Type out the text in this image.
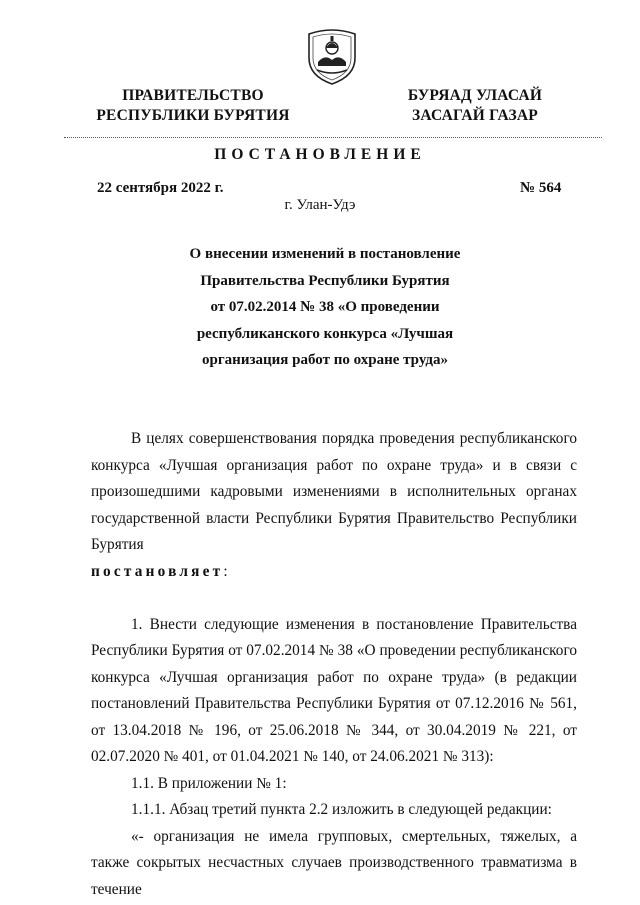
ПРАВИТЕЛЬСТВО
РЕСПУБЛИКИ БУРЯТИЯ
БУРЯАД УЛАСАЙ
ЗАСАГАЙ ГАЗАР
ПОСТАНОВЛЕНИЕ
22 сентября 2022 г.	№ 564
г. Улан-Удэ
О внесении изменений в постановление
Правительства Республики Бурятия
от 07.02.2014 № 38 «О проведении
республиканского конкурса «Лучшая
организация работ по охране труда»

В целях совершенствования порядка проведения республиканского конкурса «Лучшая организация работ по охране труда» и в связи с произошедшими кадровыми изменениями в исполнительных органах государственной власти Республики Бурятия Правительство Республики Бурятия

постановляет:

1. Внести следующие изменения в постановление Правительства Республики Бурятия от 07.02.2014 № 38 «О проведении республиканского конкурса «Лучшая организация работ по охране труда» (в редакции постановлений Правительства Республики Бурятия от 07.12.2016 № 561, от 13.04.2018 № 196, от 25.06.2018 № 344, от 30.04.2019 № 221, от 02.07.2020 № 401, от 01.04.2021 № 140, от 24.06.2021 № 313):

1.1. В приложении № 1:

1.1.1. Абзац третий пункта 2.2 изложить в следующей редакции:

«- организация не имела групповых, смертельных, тяжелых, а также сокрытых несчастных случаев производственного травматизма в течение
